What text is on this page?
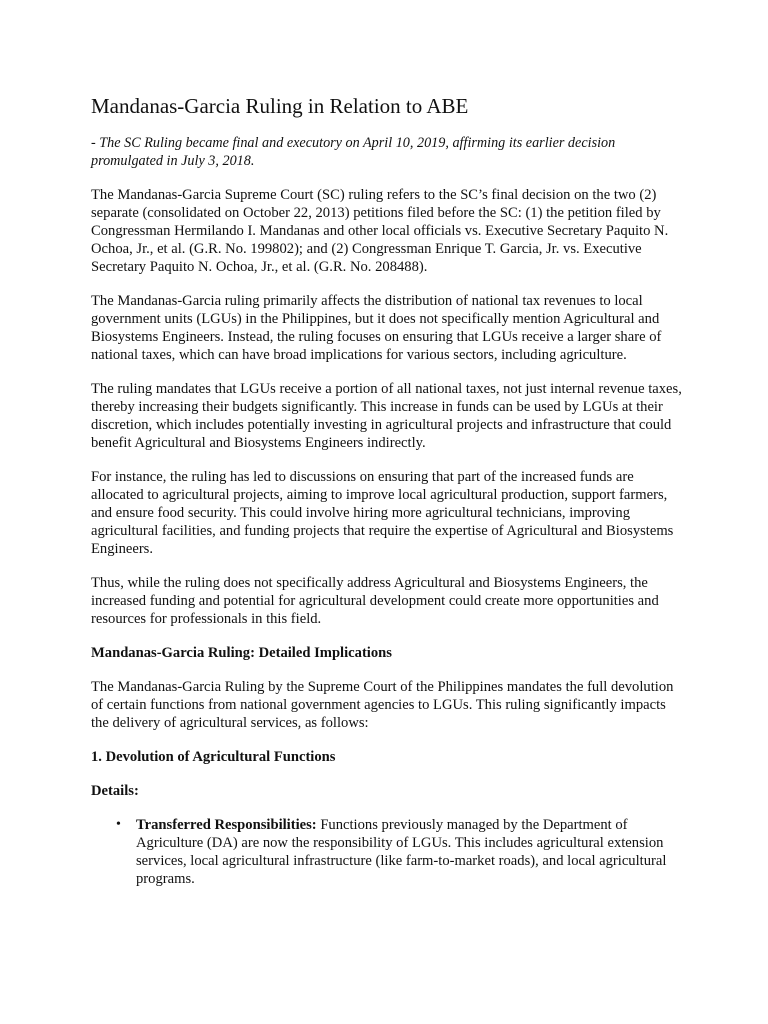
Mandanas-Garcia Ruling in Relation to ABE

- The SC Ruling became final and executory on April 10, 2019, affirming its earlier decision promulgated in July 3, 2018.

The Mandanas-Garcia Supreme Court (SC) ruling refers to the SC’s final decision on the two (2) separate (consolidated on October 22, 2013) petitions filed before the SC: (1) the petition filed by Congressman Hermilando I. Mandanas and other local officials vs. Executive Secretary Paquito N. Ochoa, Jr., et al. (G.R. No. 199802); and (2) Congressman Enrique T. Garcia, Jr. vs. Executive Secretary Paquito N. Ochoa, Jr., et al. (G.R. No. 208488).

The Mandanas-Garcia ruling primarily affects the distribution of national tax revenues to local government units (LGUs) in the Philippines, but it does not specifically mention Agricultural and Biosystems Engineers. Instead, the ruling focuses on ensuring that LGUs receive a larger share of national taxes, which can have broad implications for various sectors, including agriculture.

The ruling mandates that LGUs receive a portion of all national taxes, not just internal revenue taxes, thereby increasing their budgets significantly. This increase in funds can be used by LGUs at their discretion, which includes potentially investing in agricultural projects and infrastructure that could benefit Agricultural and Biosystems Engineers indirectly.

For instance, the ruling has led to discussions on ensuring that part of the increased funds are allocated to agricultural projects, aiming to improve local agricultural production, support farmers, and ensure food security. This could involve hiring more agricultural technicians, improving agricultural facilities, and funding projects that require the expertise of Agricultural and Biosystems Engineers.

Thus, while the ruling does not specifically address Agricultural and Biosystems Engineers, the increased funding and potential for agricultural development could create more opportunities and resources for professionals in this field.

Mandanas-Garcia Ruling: Detailed Implications

The Mandanas-Garcia Ruling by the Supreme Court of the Philippines mandates the full devolution of certain functions from national government agencies to LGUs. This ruling significantly impacts the delivery of agricultural services, as follows:

1. Devolution of Agricultural Functions
Details:
• Transferred Responsibilities: Functions previously managed by the Department of Agriculture (DA) are now the responsibility of LGUs. This includes agricultural extension services, local agricultural infrastructure (like farm-to-market roads), and local agricultural programs.
